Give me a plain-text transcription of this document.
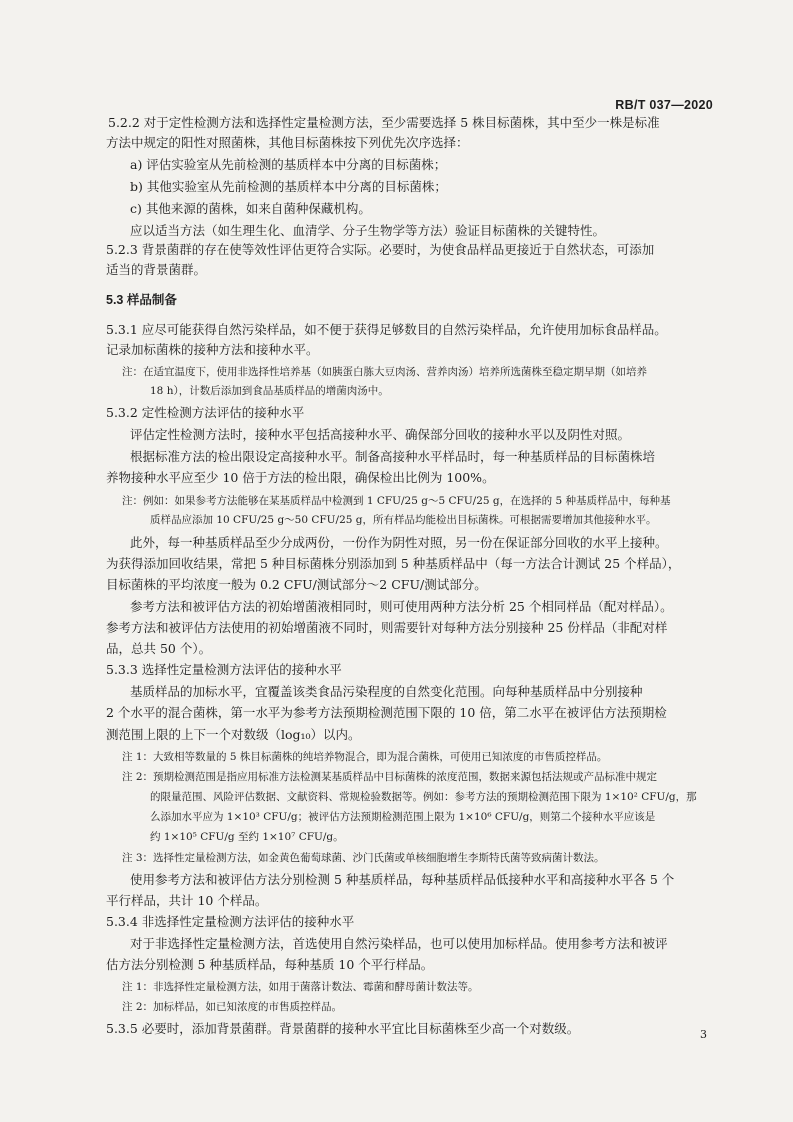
RB/T 037—2020
5.2.2 对于定性检测方法和选择性定量检测方法，至少需要选择 5 株目标菌株，其中至少一株是标准
方法中规定的阳性对照菌株，其他目标菌株按下列优先次序选择：
a) 评估实验室从先前检测的基质样本中分离的目标菌株；
b) 其他实验室从先前检测的基质样本中分离的目标菌株；
c) 其他来源的菌株，如来自菌种保藏机构。
应以适当方法（如生理生化、血清学、分子生物学等方法）验证目标菌株的关键特性。
5.2.3 背景菌群的存在使等效性评估更符合实际。必要时，为使食品样品更接近于自然状态，可添加
适当的背景菌群。
5.3 样品制备
5.3.1 应尽可能获得自然污染样品，如不便于获得足够数目的自然污染样品，允许使用加标食品样品。
记录加标菌株的接种方法和接种水平。
注：在适宜温度下，使用非选择性培养基（如胰蛋白胨大豆肉汤、营养肉汤）培养所选菌株至稳定期早期（如培养
18 h），计数后添加到食品基质样品的增菌肉汤中。
5.3.2 定性检测方法评估的接种水平
评估定性检测方法时，接种水平包括高接种水平、确保部分回收的接种水平以及阴性对照。
根据标准方法的检出限设定高接种水平。制备高接种水平样品时，每一种基质样品的目标菌株培
养物接种水平应至少 10 倍于方法的检出限，确保检出比例为 100%。
注：例如：如果参考方法能够在某基质样品中检测到 1 CFU/25 g～5 CFU/25 g，在选择的 5 种基质样品中，每种基
质样品应添加 10 CFU/25 g～50 CFU/25 g，所有样品均能检出目标菌株。可根据需要增加其他接种水平。
此外，每一种基质样品至少分成两份，一份作为阴性对照，另一份在保证部分回收的水平上接种。
为获得添加回收结果，常把 5 种目标菌株分别添加到 5 种基质样品中（每一方法合计测试 25 个样品），
目标菌株的平均浓度一般为 0.2 CFU/测试部分～2 CFU/测试部分。
参考方法和被评估方法的初始增菌液相同时，则可使用两种方法分析 25 个相同样品（配对样品）。
参考方法和被评估方法使用的初始增菌液不同时，则需要针对每种方法分别接种 25 份样品（非配对样
品，总共 50 个）。
5.3.3 选择性定量检测方法评估的接种水平
基质样品的加标水平，宜覆盖该类食品污染程度的自然变化范围。向每种基质样品中分别接种
2 个水平的混合菌株，第一水平为参考方法预期检测范围下限的 10 倍，第二水平在被评估方法预期检
测范围上限的上下一个对数级（log₁₀）以内。
注 1：大致相等数量的 5 株目标菌株的纯培养物混合，即为混合菌株，可使用已知浓度的市售质控样品。
注 2：预期检测范围是指应用标准方法检测某基质样品中目标菌株的浓度范围，数据来源包括法规或产品标准中规定
的限量范围、风险评估数据、文献资料、常规检验数据等。例如：参考方法的预期检测范围下限为 1×10² CFU/g，那
么添加水平应为 1×10³ CFU/g；被评估方法预期检测范围上限为 1×10⁶ CFU/g，则第二个接种水平应该是
约 1×10⁵ CFU/g 至约 1×10⁷ CFU/g。
注 3：选择性定量检测方法，如金黄色葡萄球菌、沙门氏菌或单核细胞增生李斯特氏菌等致病菌计数法。
使用参考方法和被评估方法分别检测 5 种基质样品，每种基质样品低接种水平和高接种水平各 5 个
平行样品，共计 10 个样品。
5.3.4 非选择性定量检测方法评估的接种水平
对于非选择性定量检测方法，首选使用自然污染样品，也可以使用加标样品。使用参考方法和被评
估方法分别检测 5 种基质样品，每种基质 10 个平行样品。
注 1：非选择性定量检测方法，如用于菌落计数法、霉菌和酵母菌计数法等。
注 2：加标样品，如已知浓度的市售质控样品。
5.3.5 必要时，添加背景菌群。背景菌群的接种水平宜比目标菌株至少高一个对数级。	3
